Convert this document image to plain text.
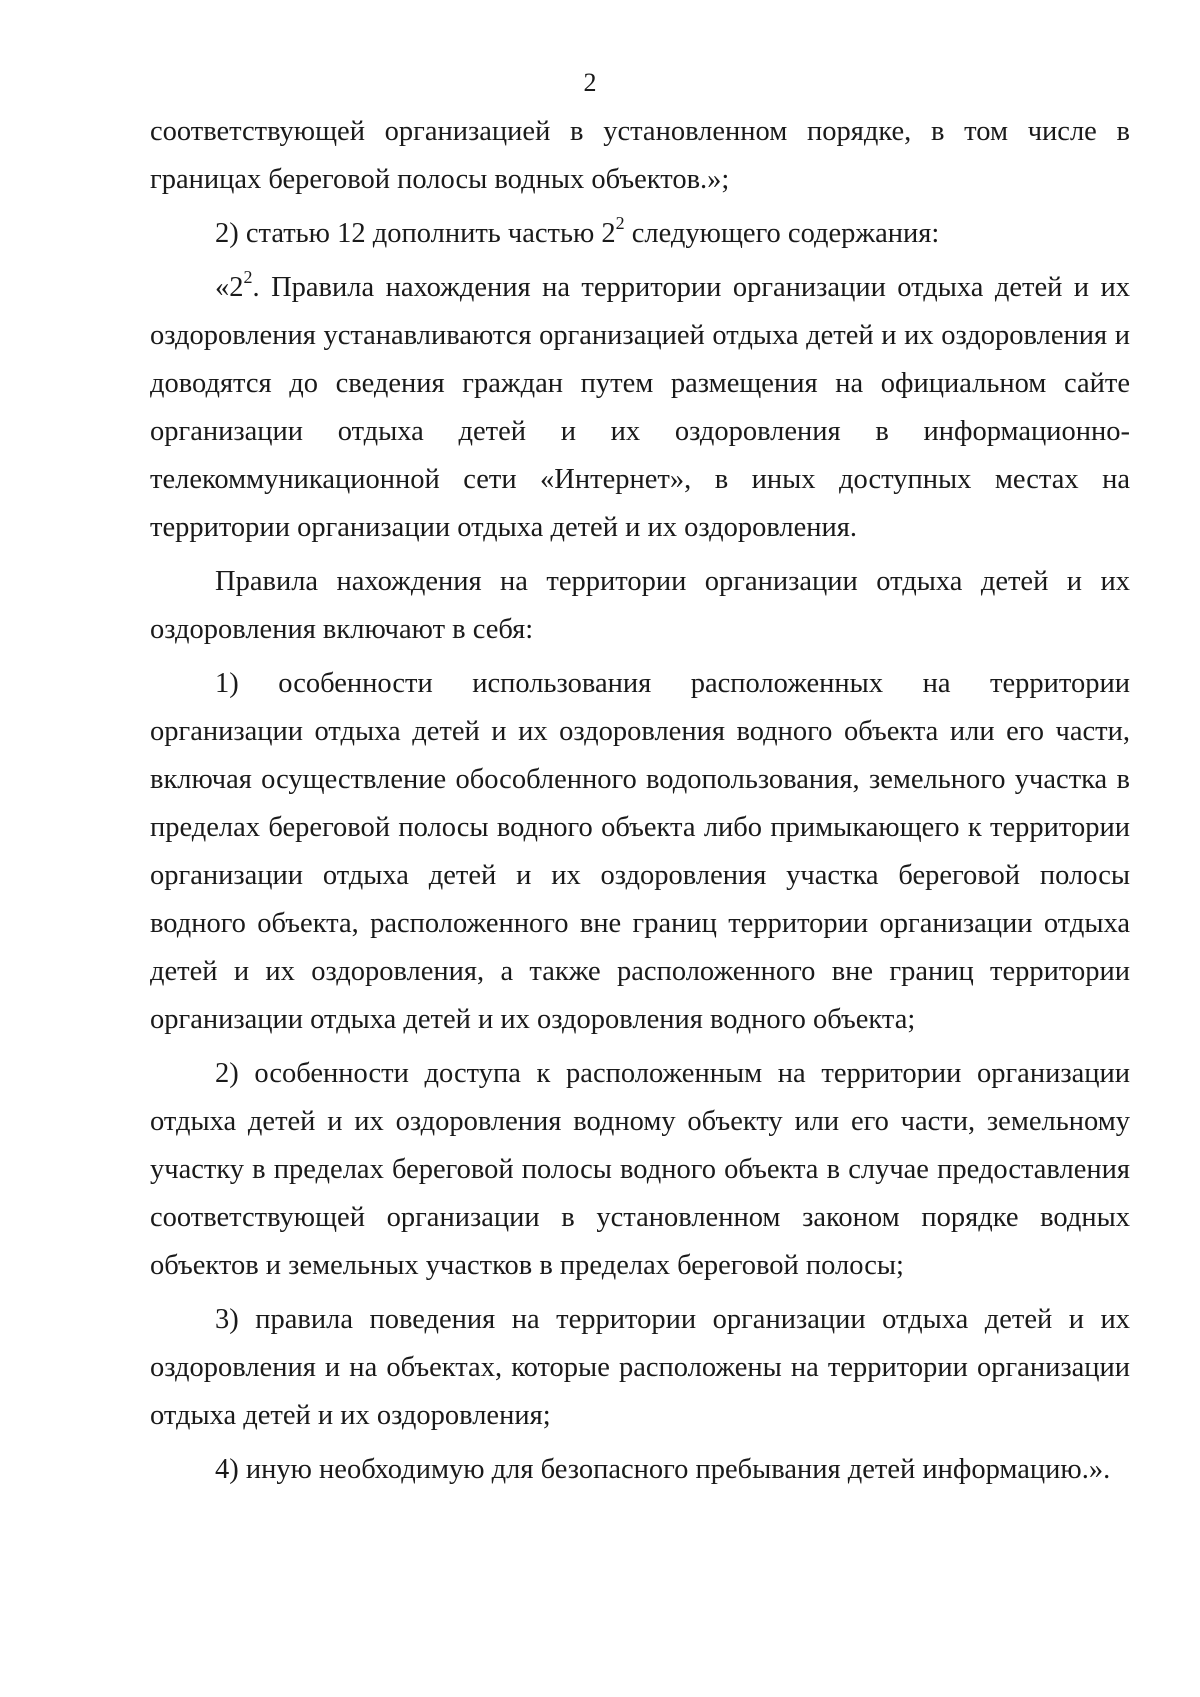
2
соответствующей организацией в установленном порядке, в том числе в
границах береговой полосы водных объектов.»;
2) статью 12 дополнить частью $2^2$ следующего содержания:
«$2^2$. Правила нахождения на территории организации отдыха детей и их
оздоровления устанавливаются организацией отдыха детей и их оздоровления и
доводятся до сведения граждан путем размещения на официальном сайте
организации отдыха детей и их оздоровления в информационно-
телекоммуникационной сети «Интернет», в иных доступных местах на
территории организации отдыха детей и их оздоровления.
Правила нахождения на территории организации отдыха детей и их
оздоровления включают в себя:
1) особенности использования расположенных на территории
организации отдыха детей и их оздоровления водного объекта или его части,
включая осуществление обособленного водопользования, земельного участка в
пределах береговой полосы водного объекта либо примыкающего к территории
организации отдыха детей и их оздоровления участка береговой полосы
водного объекта, расположенного вне границ территории организации отдыха
детей и их оздоровления, а также расположенного вне границ территории
организации отдыха детей и их оздоровления водного объекта;
2) особенности доступа к расположенным на территории организации
отдыха детей и их оздоровления водному объекту или его части, земельному
участку в пределах береговой полосы водного объекта в случае предоставления
соответствующей организации в установленном законом порядке водных
объектов и земельных участков в пределах береговой полосы;
3) правила поведения на территории организации отдыха детей и их
оздоровления и на объектах, которые расположены на территории организации
отдыха детей и их оздоровления;
4) иную необходимую для безопасного пребывания детей информацию.».
